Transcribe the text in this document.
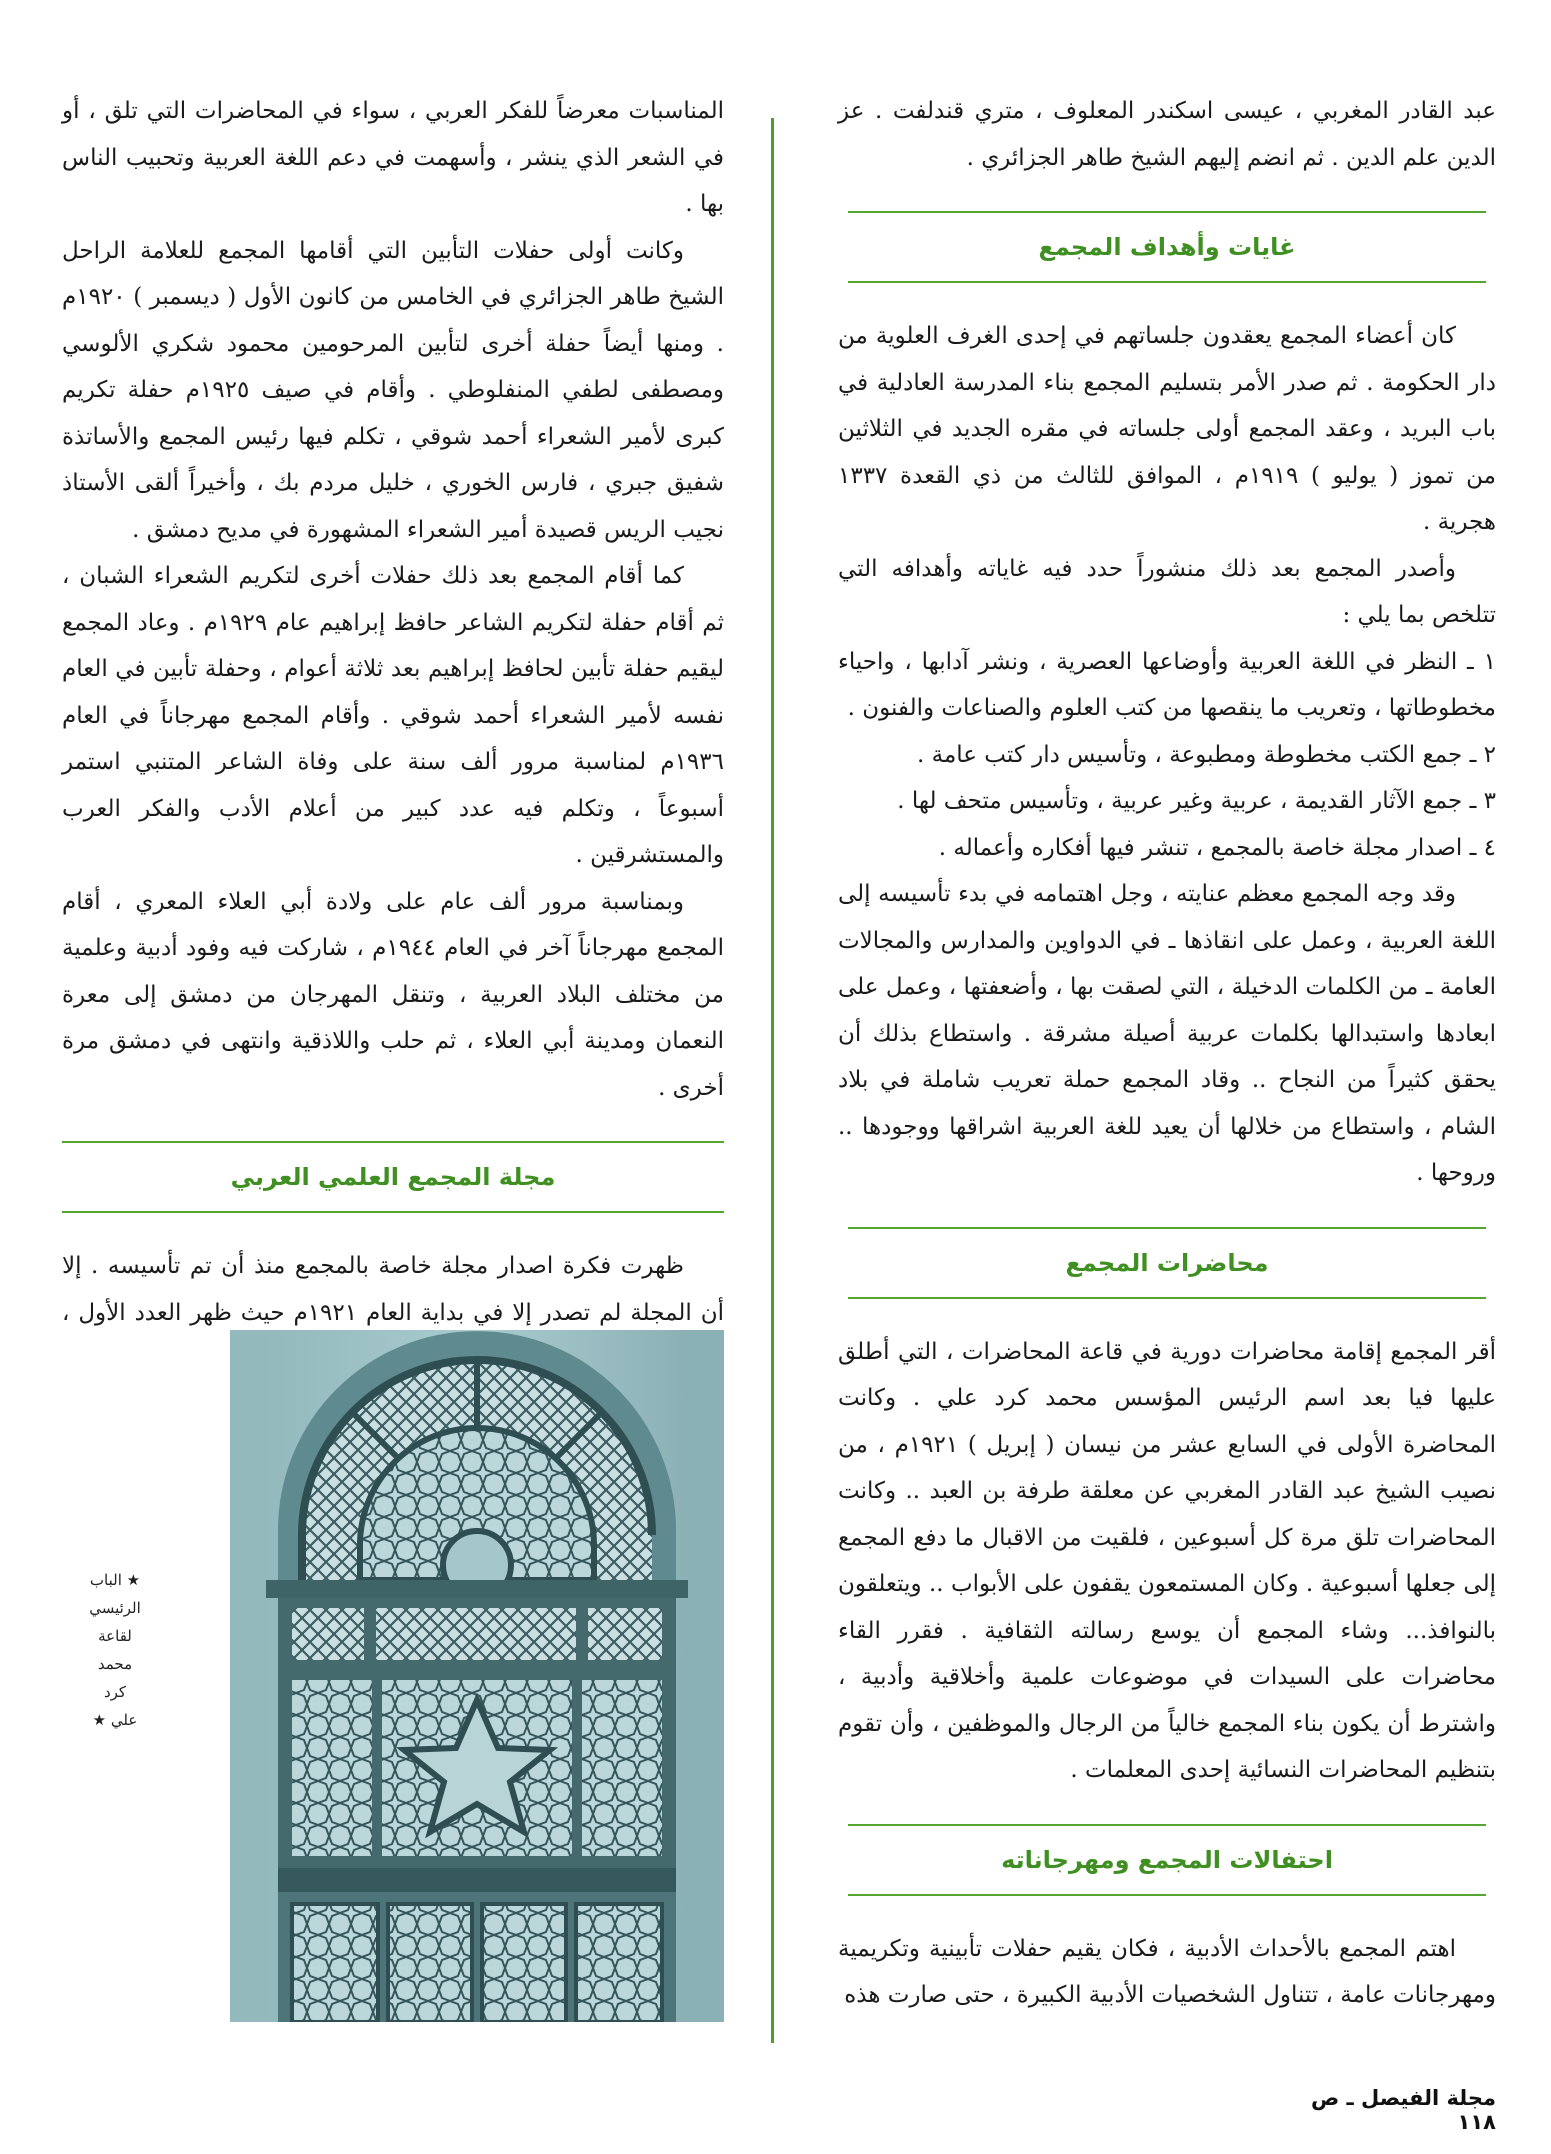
عبد القادر المغربي ، عيسى اسكندر المعلوف ، متري قندلفت . عز الدين علم الدين . ثم انضم إليهم الشيخ طاهر الجزائري .

غايات وأهداف المجمع

كان أعضاء المجمع يعقدون جلساتهم في إحدى الغرف العلوية من دار الحكومة . ثم صدر الأمر بتسليم المجمع بناء المدرسة العادلية في باب البريد ، وعقد المجمع أولى جلساته في مقره الجديد في الثلاثين من تموز ( يوليو ) ١٩١٩م ، الموافق للثالث من ذي القعدة ١٣٣٧ هجرية .

وأصدر المجمع بعد ذلك منشوراً حدد فيه غاياته وأهدافه التي تتلخص بما يلي :

١ ـ النظر في اللغة العربية وأوضاعها العصرية ، ونشر آدابها ، واحياء مخطوطاتها ، وتعريب ما ينقصها من كتب العلوم والصناعات والفنون .

٢ ـ جمع الكتب مخطوطة ومطبوعة ، وتأسيس دار كتب عامة .

٣ ـ جمع الآثار القديمة ، عربية وغير عربية ، وتأسيس متحف لها .

٤ ـ اصدار مجلة خاصة بالمجمع ، تنشر فيها أفكاره وأعماله .

وقد وجه المجمع معظم عنايته ، وجل اهتمامه في بدء تأسيسه إلى اللغة العربية ، وعمل على انقاذها ـ في الدواوين والمدارس والمجالات العامة ـ من الكلمات الدخيلة ، التي لصقت بها ، وأضعفتها ، وعمل على ابعادها واستبدالها بكلمات عربية أصيلة مشرقة . واستطاع بذلك أن يحقق كثيراً من النجاح .. وقاد المجمع حملة تعريب شاملة في بلاد الشام ، واستطاع من خلالها أن يعيد للغة العربية اشراقها ووجودها .. وروحها .

محاضرات المجمع

أقر المجمع إقامة محاضرات دورية في قاعة المحاضرات ، التي أطلق عليها فيا بعد اسم الرئيس المؤسس محمد كرد علي . وكانت المحاضرة الأولى في السابع عشر من نيسان ( إبريل ) ١٩٢١م ، من نصيب الشيخ عبد القادر المغربي عن معلقة طرفة بن العبد .. وكانت المحاضرات تلق مرة كل أسبوعين ، فلقيت من الاقبال ما دفع المجمع إلى جعلها أسبوعية . وكان المستمعون يقفون على الأبواب .. ويتعلقون بالنوافذ... وشاء المجمع أن يوسع رسالته الثقافية . فقرر القاء محاضرات على السيدات في موضوعات علمية وأخلاقية وأدبية ، واشترط أن يكون بناء المجمع خالياً من الرجال والموظفين ، وأن تقوم بتنظيم المحاضرات النسائية إحدى المعلمات .

احتفالات المجمع ومهرجاناته

اهتم المجمع بالأحداث الأدبية ، فكان يقيم حفلات تأبينية وتكريمية ومهرجانات عامة ، تتناول الشخصيات الأدبية الكبيرة ، حتى صارت هذه

المناسبات معرضاً للفكر العربي ، سواء في المحاضرات التي تلق ، أو في الشعر الذي ينشر ، وأسهمت في دعم اللغة العربية وتحبيب الناس بها .

وكانت أولى حفلات التأبين التي أقامها المجمع للعلامة الراحل الشيخ طاهر الجزائري في الخامس من كانون الأول ( ديسمبر ) ١٩٢٠م . ومنها أيضاً حفلة أخرى لتأبين المرحومين محمود شكري الألوسي ومصطفى لطفي المنفلوطي . وأقام في صيف ١٩٢٥م حفلة تكريم كبرى لأمير الشعراء أحمد شوقي ، تكلم فيها رئيس المجمع والأساتذة شفيق جبري ، فارس الخوري ، خليل مردم بك ، وأخيراً ألقى الأستاذ نجيب الريس قصيدة أمير الشعراء المشهورة في مديح دمشق .

كما أقام المجمع بعد ذلك حفلات أخرى لتكريم الشعراء الشبان ، ثم أقام حفلة لتكريم الشاعر حافظ إبراهيم عام ١٩٢٩م . وعاد المجمع ليقيم حفلة تأبين لحافظ إبراهيم بعد ثلاثة أعوام ، وحفلة تأبين في العام نفسه لأمير الشعراء أحمد شوقي . وأقام المجمع مهرجاناً في العام ١٩٣٦م لمناسبة مرور ألف سنة على وفاة الشاعر المتنبي استمر أسبوعاً ، وتكلم فيه عدد كبير من أعلام الأدب والفكر العرب والمستشرقين .

وبمناسبة مرور ألف عام على ولادة أبي العلاء المعري ، أقام المجمع مهرجاناً آخر في العام ١٩٤٤م ، شاركت فيه وفود أدبية وعلمية من مختلف البلاد العربية ، وتنقل المهرجان من دمشق إلى معرة النعمان ومدينة أبي العلاء ، ثم حلب واللاذقية وانتهى في دمشق مرة أخرى .

مجلة المجمع العلمي العربي

ظهرت فكرة اصدار مجلة خاصة بالمجمع منذ أن تم تأسيسه . إلا أن المجلة لم تصدر إلا في بداية العام ١٩٢١م حيث ظهر العدد الأول ،

★ الباب
الرئيسي
لقاعة
محمد
كرد
علي ★
مجلة الفيصل ـ ص ١١٨
